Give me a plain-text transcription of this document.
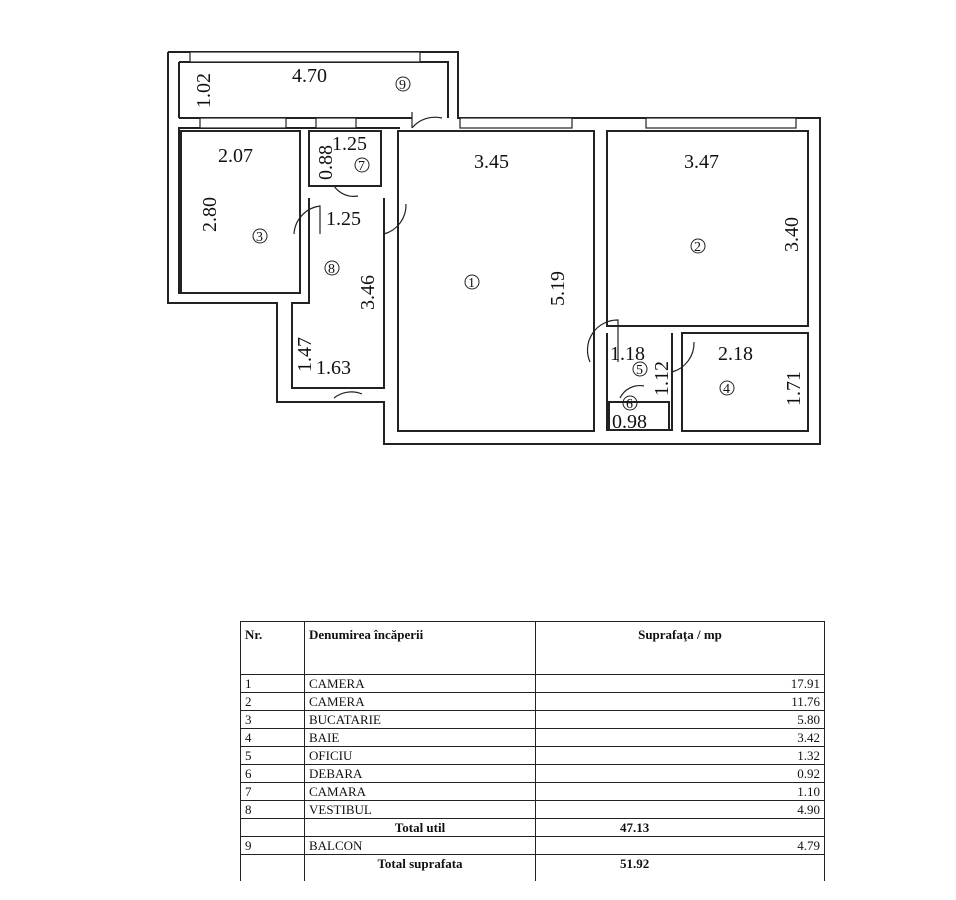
1.02	4.70
2.07
2.80
0.88
1.25
1.25
3.46
1.47 1.63
3.45
5.19
3.47
3.40
1.18
1.12
2.18
1.71
0.98
1
2
3
4
5
6
7
8
9
Nr.	Denumirea încăperii	Suprafaţa / mp
1	CAMERA	17.91
2	CAMERA	11.76
3	BUCATARIE	5.80
4	BAIE	3.42
5	OFICIU	1.32
6	DEBARA	0.92
7	CAMARA	1.10
8	VESTIBUL	4.90
	Total util	47.13
9	BALCON	4.79
	Total suprafata	51.92
